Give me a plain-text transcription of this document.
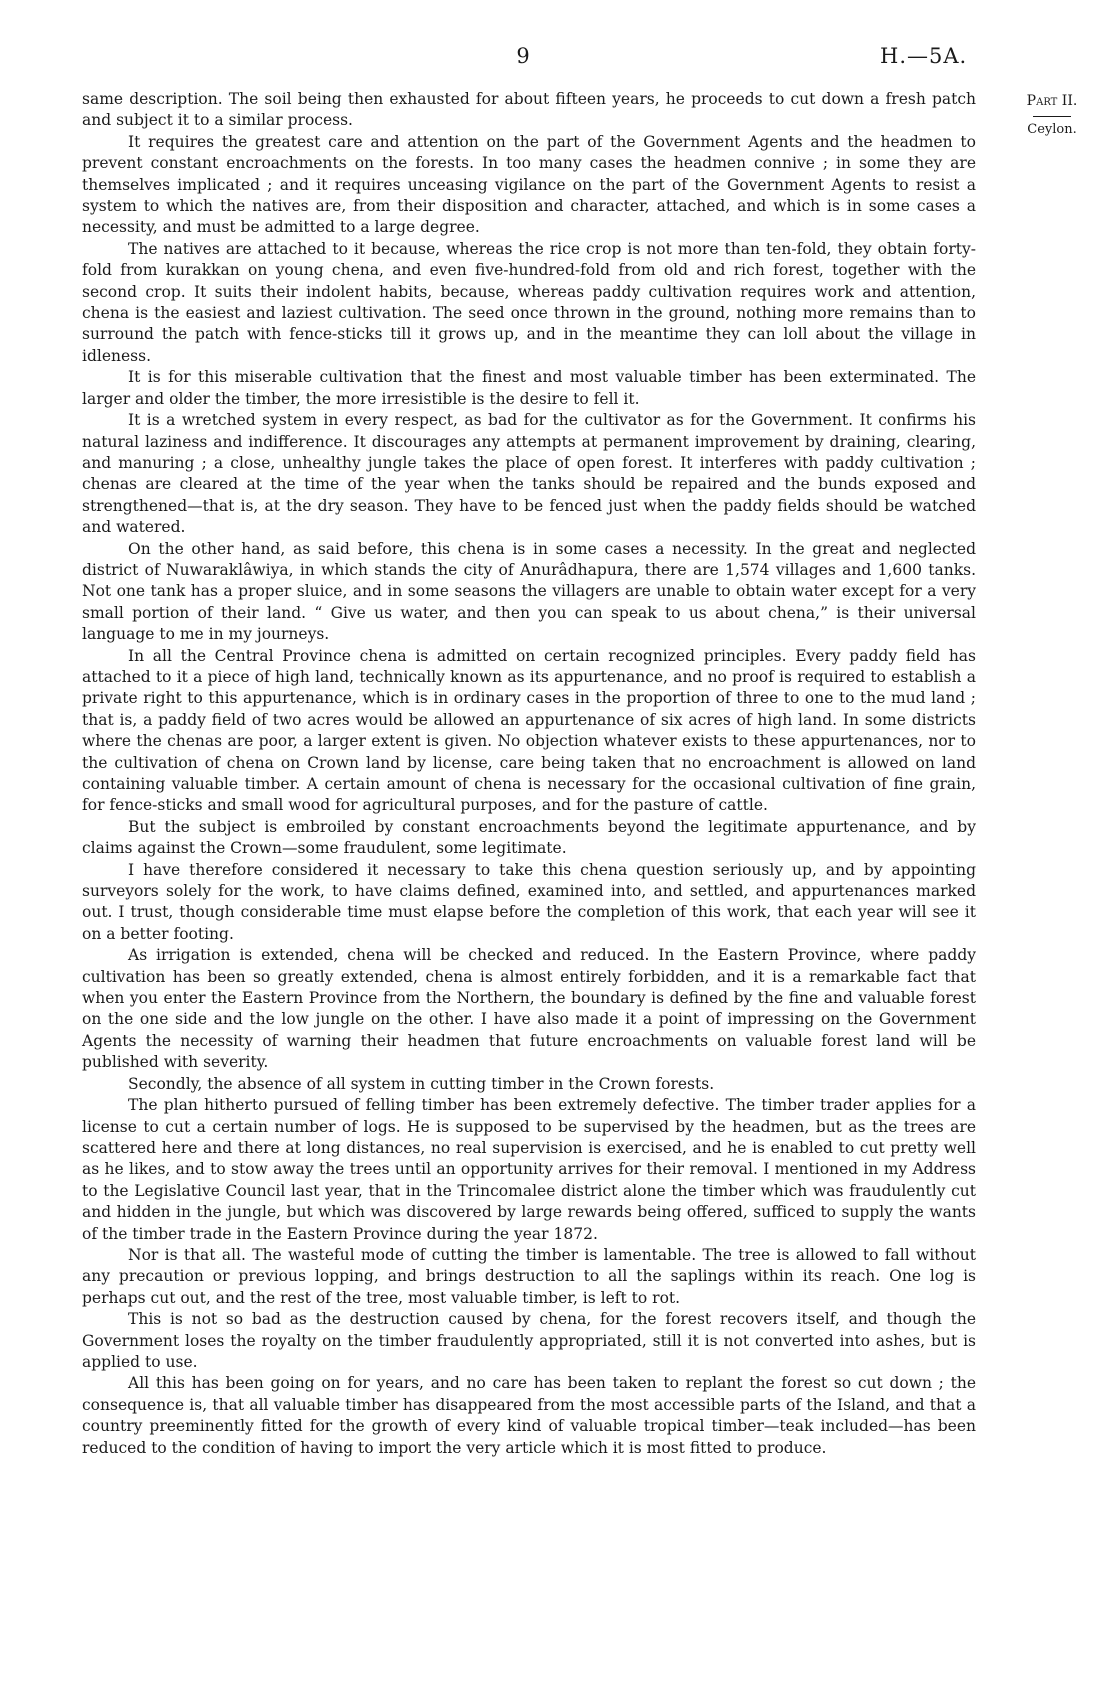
9	H.—5A.
Part II.
Ceylon.

same description. The soil being then exhausted for about fifteen years, he proceeds to cut down a fresh patch and subject it to a similar process.

It requires the greatest care and attention on the part of the Government Agents and the headmen to prevent constant encroachments on the forests. In too many cases the headmen connive ; in some they are themselves implicated ; and it requires unceasing vigilance on the part of the Government Agents to resist a system to which the natives are, from their disposition and character, attached, and which is in some cases a necessity, and must be admitted to a large degree.

The natives are attached to it because, whereas the rice crop is not more than ten-fold, they obtain forty-fold from kurakkan on young chena, and even five-hundred-fold from old and rich forest, together with the second crop. It suits their indolent habits, because, whereas paddy cultivation requires work and attention, chena is the easiest and laziest cultivation. The seed once thrown in the ground, nothing more remains than to surround the patch with fence-sticks till it grows up, and in the meantime they can loll about the village in idleness.

It is for this miserable cultivation that the finest and most valuable timber has been exterminated. The larger and older the timber, the more irresistible is the desire to fell it.

It is a wretched system in every respect, as bad for the cultivator as for the Government. It confirms his natural laziness and indifference. It discourages any attempts at permanent improvement by draining, clearing, and manuring ; a close, unhealthy jungle takes the place of open forest. It interferes with paddy cultivation ; chenas are cleared at the time of the year when the tanks should be repaired and the bunds exposed and strengthened—that is, at the dry season. They have to be fenced just when the paddy fields should be watched and watered.

On the other hand, as said before, this chena is in some cases a necessity. In the great and neglected district of Nuwaraklâwiya, in which stands the city of Anurâdhapura, there are 1,574 villages and 1,600 tanks. Not one tank has a proper sluice, and in some seasons the villagers are unable to obtain water except for a very small portion of their land. “ Give us water, and then you can speak to us about chena,” is their universal language to me in my journeys.

In all the Central Province chena is admitted on certain recognized principles. Every paddy field has attached to it a piece of high land, technically known as its appurtenance, and no proof is required to establish a private right to this appurtenance, which is in ordinary cases in the proportion of three to one to the mud land ; that is, a paddy field of two acres would be allowed an appurtenance of six acres of high land. In some districts where the chenas are poor, a larger extent is given. No objection whatever exists to these appurtenances, nor to the cultivation of chena on Crown land by license, care being taken that no encroachment is allowed on land containing valuable timber. A certain amount of chena is necessary for the occasional cultivation of fine grain, for fence-sticks and small wood for agricultural purposes, and for the pasture of cattle.

But the subject is embroiled by constant encroachments beyond the legitimate appurtenance, and by claims against the Crown—some fraudulent, some legitimate.

I have therefore considered it necessary to take this chena question seriously up, and by appointing surveyors solely for the work, to have claims defined, examined into, and settled, and appurtenances marked out. I trust, though considerable time must elapse before the completion of this work, that each year will see it on a better footing.

As irrigation is extended, chena will be checked and reduced. In the Eastern Province, where paddy cultivation has been so greatly extended, chena is almost entirely forbidden, and it is a remarkable fact that when you enter the Eastern Province from the Northern, the boundary is defined by the fine and valuable forest on the one side and the low jungle on the other. I have also made it a point of impressing on the Government Agents the necessity of warning their headmen that future encroachments on valuable forest land will be published with severity.

Secondly, the absence of all system in cutting timber in the Crown forests.

The plan hitherto pursued of felling timber has been extremely defective. The timber trader applies for a license to cut a certain number of logs. He is supposed to be supervised by the headmen, but as the trees are scattered here and there at long distances, no real supervision is exercised, and he is enabled to cut pretty well as he likes, and to stow away the trees until an opportunity arrives for their removal. I mentioned in my Address to the Legislative Council last year, that in the Trincomalee district alone the timber which was fraudulently cut and hidden in the jungle, but which was discovered by large rewards being offered, sufficed to supply the wants of the timber trade in the Eastern Province during the year 1872.

Nor is that all. The wasteful mode of cutting the timber is lamentable. The tree is allowed to fall without any precaution or previous lopping, and brings destruction to all the saplings within its reach. One log is perhaps cut out, and the rest of the tree, most valuable timber, is left to rot.

This is not so bad as the destruction caused by chena, for the forest recovers itself, and though the Government loses the royalty on the timber fraudulently appropriated, still it is not converted into ashes, but is applied to use.

All this has been going on for years, and no care has been taken to replant the forest so cut down ; the consequence is, that all valuable timber has disappeared from the most accessible parts of the Island, and that a country preeminently fitted for the growth of every kind of valuable tropical timber—teak included—has been reduced to the condition of having to import the very article which it is most fitted to produce.
